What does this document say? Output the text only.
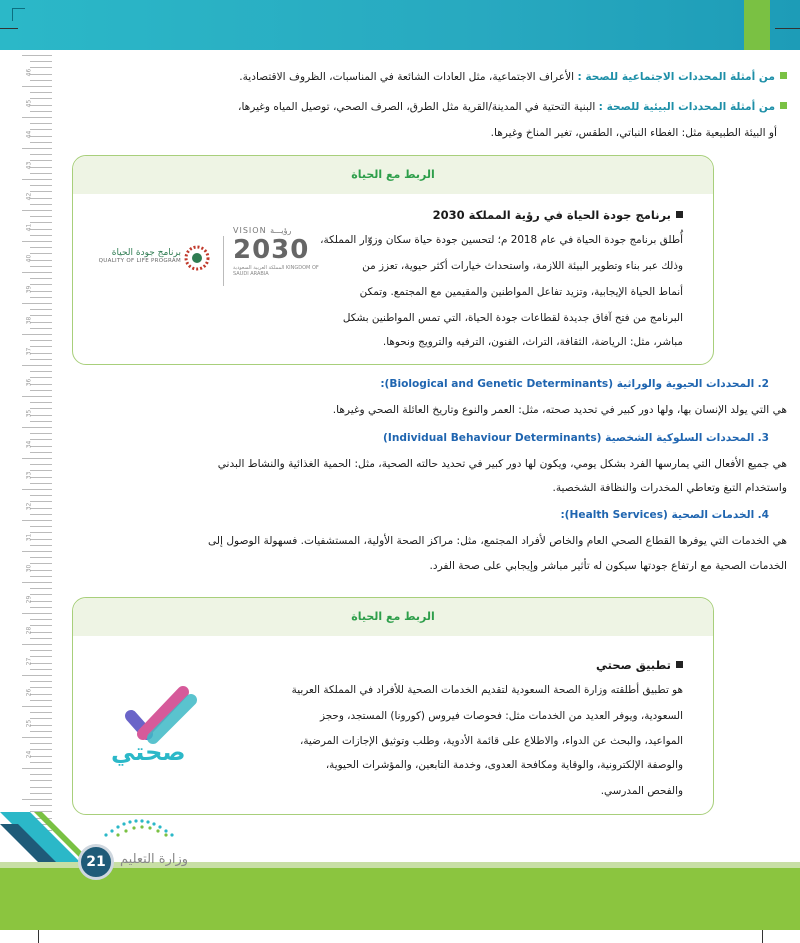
46
45
44
43
42
41
40
39
38
37
36
35
34
33
32
31
30
29
28
27
26
25
24
من أمثلة المحددات الاجتماعية للصحة : الأعراف الاجتماعية، مثل العادات الشائعة في المناسبات، الظروف الاقتصادية.
من أمثلة المحددات البيئية للصحة : البنية التحتية في المدينة/القرية مثل الطرق، الصرف الصحي، توصيل المياه وغيرها،
أو البيئة الطبيعية مثل: الغطاء النباتي، الطقس، تغير المناخ وغيرها.
الربط مع الحياة
برنامج جودة الحياة في رؤية المملكة 2030
أُطلق برنامج جودة الحياة في عام 2018 م؛ لتحسين جودة حياة سكان وزوّار المملكة،
وذلك عبر بناء وتطوير البيئة اللازمة، واستحداث خيارات أكثر حيوية، تعزز من
أنماط الحياة الإيجابية، وتزيد تفاعل المواطنين والمقيمين مع المجتمع. وتمكن
البرنامج من فتح آفاق جديدة لقطاعات جودة الحياة، التي تمس المواطنين بشكل
مباشر، مثل: الرياضة، الثقافة، التراث، الفنون، الترفيه والترويج ونحوها.
VISION رؤيـــة
2030
المملكة العربية السعودية KINGDOM OF SAUDI ARABIA
برنامج جودة الحياة
QUALITY OF LIFE PROGRAM
2. المحددات الحيوية والوراثية (Biological and Genetic Determinants):
هي التي يولد الإنسان بها، ولها دور كبير في تحديد صحته، مثل: العمر والنوع وتاريخ العائلة الصحي وغيرها.
3. المحددات السلوكية الشخصية (Individual Behaviour Determinants)
هي جميع الأفعال التي يمارسها الفرد بشكل يومي، ويكون لها دور كبير في تحديد حالته الصحية، مثل: الحمية الغذائية والنشاط البدني
واستخدام التبغ وتعاطي المخدرات والنظافة الشخصية.
4. الخدمات الصحية (Health Services):
هي الخدمات التي يوفرها القطاع الصحي العام والخاص لأفراد المجتمع، مثل: مراكز الصحة الأولية، المستشفيات. فسهولة الوصول إلى
الخدمات الصحية مع ارتفاع جودتها سيكون له تأثير مباشر وإيجابي على صحة الفرد.
الربط مع الحياة
تطبيق صحتي
هو تطبيق أطلقته وزارة الصحة السعودية لتقديم الخدمات الصحية للأفراد في المملكة العربية
السعودية، ويوفر العديد من الخدمات مثل: فحوصات فيروس (كورونا) المستجد، وحجز
المواعيد، والبحث عن الدواء، والاطلاع على قائمة الأدوية، وطلب وتوثيق الإجازات المرضية،
والوصفة الإلكترونية، والوقاية ومكافحة العدوى، وخدمة التابعين، والمؤشرات الحيوية،
والفحص المدرسي.
صحتي
21	وزارة التعليم
